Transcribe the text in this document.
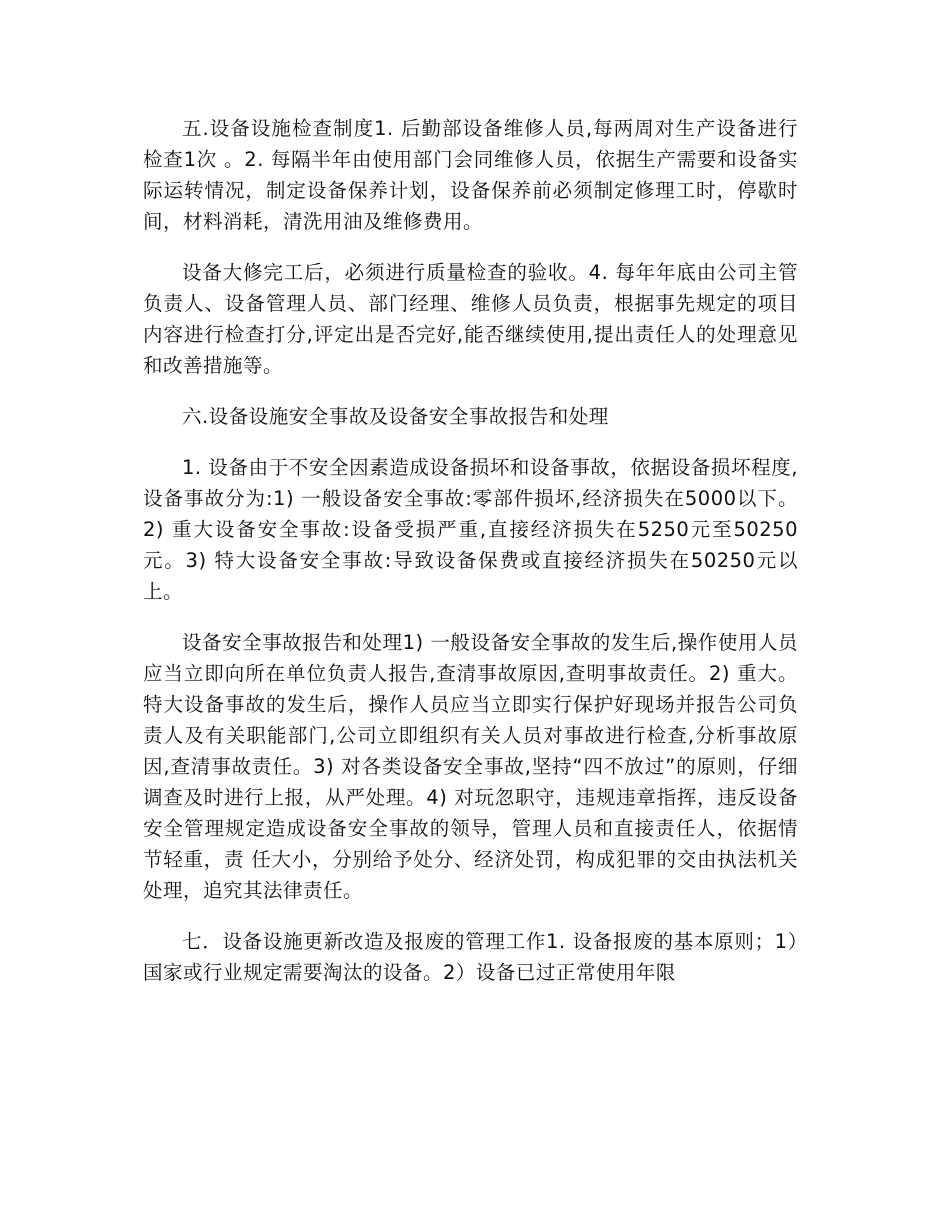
五.设备设施检查制度1. 后勤部设备维修人员,每两周对生产设备进行检查1次 。2. 每隔半年由使用部门会同维修人员，依据生产需要和设备实际运转情况，制定设备保养计划，设备保养前必须制定修理工时，停歇时间，材料消耗，清洗用油及维修费用。

设备大修完工后，必须进行质量检查的验收。4. 每年年底由公司主管负责人、设备管理人员、部门经理、维修人员负责，根据事先规定的项目内容进行检查打分,评定出是否完好,能否继续使用,提出责任人的处理意见和改善措施等。

六.设备设施安全事故及设备安全事故报告和处理

1. 设备由于不安全因素造成设备损坏和设备事故，依据设备损坏程度,设备事故分为:1) 一般设备安全事故:零部件损坏,经济损失在5000以下。2) 重大设备安全事故:设备受损严重,直接经济损失在5250元至50250元。3) 特大设备安全事故:导致设备保费或直接经济损失在50250元以上。

设备安全事故报告和处理1) 一般设备安全事故的发生后,操作使用人员应当立即向所在单位负责人报告,查清事故原因,查明事故责任。2) 重大。特大设备事故的发生后，操作人员应当立即实行保护好现场并报告公司负责人及有关职能部门,公司立即组织有关人员对事故进行检查,分析事故原因,查清事故责任。3) 对各类设备安全事故,坚持“四不放过”的原则，仔细调查及时进行上报，从严处理。4) 对玩忽职守，违规违章指挥，违反设备安全管理规定造成设备安全事故的领导，管理人员和直接责任人，依据情节轻重，责 任大小，分别给予处分、经济处罚，构成犯罪的交由执法机关处理，追究其法律责任。

七．设备设施更新改造及报废的管理工作1. 设备报废的基本原则；1）国家或行业规定需要淘汰的设备。2）设备已过正常使用年限
